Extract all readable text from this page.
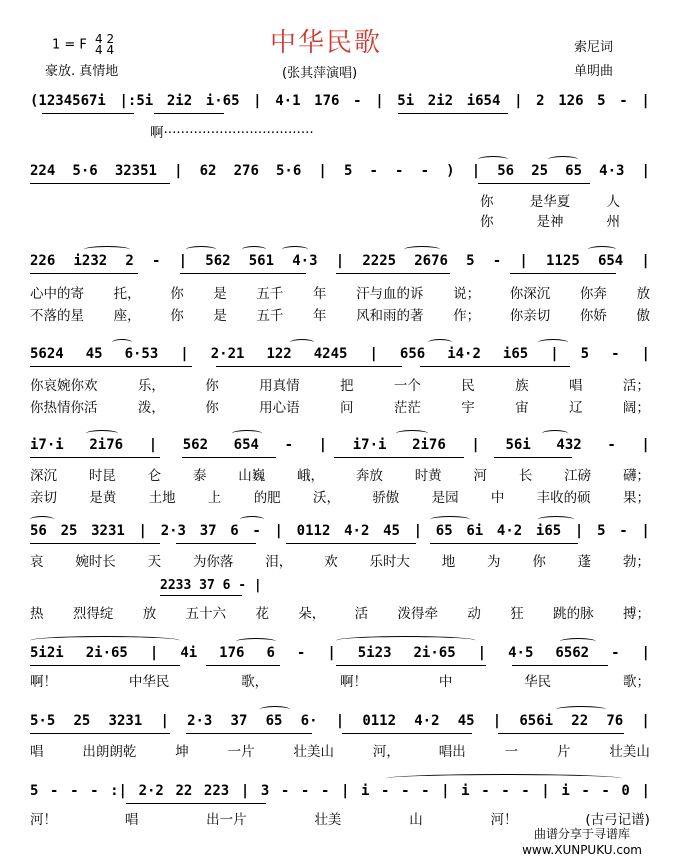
1 = F 4 2
4 4	中华民歌
豪放. 真情地	(张其萍演唱)
索尼词
单明曲
(1234567i |:5i 2i2 i·65 | 4·1 176 - | 5i 2i2 i654 | 2 126 5 - |
啊···································
224 5·6 32351 | 62 276 5·6 | 5 - - - ) | 56 25 65 4·3 |
你	是华夏	人
你	是神	州
226 i232 2 - | 562 561 4·3 | 2225 2676 5 - | 1125 654 |
心中的寄 托， 你 是 五千 年 汗与血的诉 说； 你深沉 你奔 放
不落的星 座， 你 是 五千 年 风和雨的著 作； 你亲切 你娇 傲
5624 45 6·53 | 2·21 122 4245 | 656 i4·2 i65 | 5 - |
你哀婉你欢	乐，	你	用真情	把	一个	民	族	唱	活；
你热情你活	泼，	你	用心语	问	茫茫	宇	宙	辽	阔；
i7·i 2i76 | 562 654 - | i7·i 2i76 | 56i 432 - |
深沉 时昆 仑 泰 山巍 峨， 奔放 时黄 河 长 江磅 礴；
亲切 是黄 土地 上 的肥 沃， 骄傲 是园 中 丰收的硕 果；
56 25 3231 | 2·3 37 6 - | 0112 4·2 45 | 65 6i 4·2 i65 | 5 - |
哀 婉时长 天 为你落 泪， 欢 乐时大 地 为 你 蓬 勃；
2233 37 6 - |
热 烈得绽 放 五十六 花 朵， 活 泼得牵 动 狂 跳的脉 搏；
5i2i 2i·65 | 4i 176 6 - | 5i23 2i·65 | 4·5 6562 - |
啊！	中华民	歌，	啊！	中	华民	歌；
5·5 25 3231 | 2·3 37 65 6· | 0112 4·2 45 | 656i 22 76 |
唱	出朗朗乾	坤	一片	壮美山	河，	唱出	一	片	壮美山
5 - - - :| 2·2 22 223 | 3 - - - | i - - - | i - - - | i - - 0 |
河！	唱	出一片	壮美	山	河！	(古弓记谱)
曲谱分享于寻谱库
www.XUNPUKU.com
